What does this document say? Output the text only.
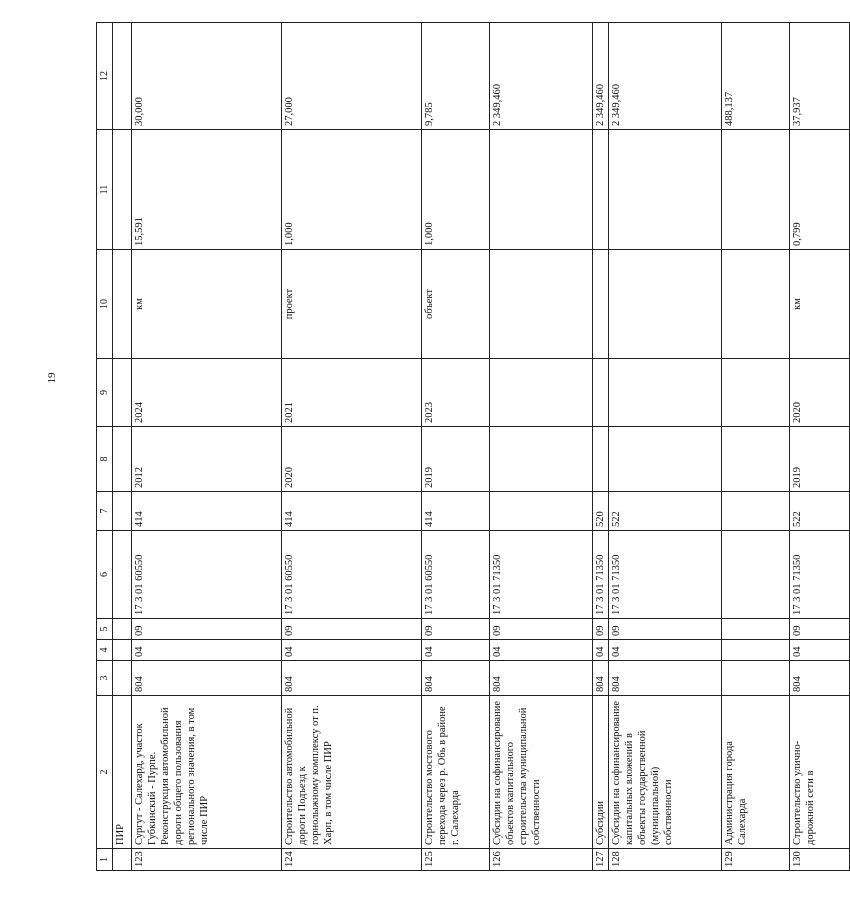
19
1	2	3	4	5	6	7	8	9	10	11	12
	ПИР										
123	Сургут - Салехард, участок Губкинский - Пурпе. Реконструкция автомобильной дороги общего пользования регионального значения, в том числе ПИР	804	04	09	17 3 01 60550	414	2012	2024	км	15,591	30,000
124	Строительство автомобильной дороги Подъезд к горнолыжному комплексу от п. Харп, в том числе ПИР	804	04	09	17 3 01 60550	414	2020	2021	проект	1,000	27,000
125	Строительство мостового перехода через р. Обь в районе г. Салехарда	804	04	09	17 3 01 60550	414	2019	2023	объект	1,000	9,785
126	Субсидии на софинансирование объектов капитального строительства муниципальной собственности	804	04	09	17 3 01 71350						2 349,460
127	Субсидии	804	04	09	17 3 01 71350	520					2 349,460
128	Субсидии на софинансирование капитальных вложений в объекты государственной (муниципальной) собственности	804	04	09	17 3 01 71350	522					2 349,460
129	Администрация города Салехарда										488,137
130	Строительство улично-дорожной сети в	804	04	09	17 3 01 71350	522	2019	2020	км	0,799	37,937
